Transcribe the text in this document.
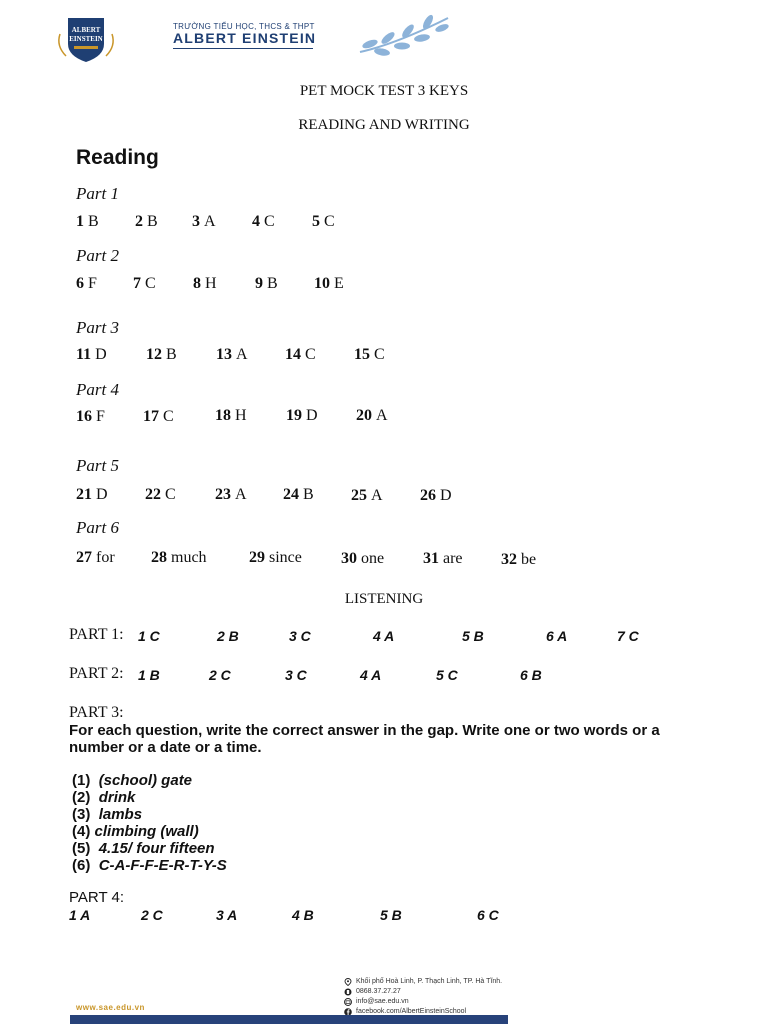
ALBERT
EINSTEIN
TRƯỜNG TIỂU HỌC, THCS & THPT
ALBERT EINSTEIN
PET MOCK TEST 3 KEYS
READING AND WRITING
Reading
Part 1
Part 2
Part 3
Part 4
Part 5
Part 6
1 B 2 B 3 A 4 C 5 C
6 F 7 C 8 H 9 B 10 E
11 D 12 B 13 A 14 C 15 C
16 F 17 C	18 H 19 D 20 A
21 D 22 C 23 A 24 B 25 A 26 D
27 for 28 much	29 since 30 one 31 are 32 be
LISTENING
PART 1: 1 C	2 B	3 C	4 A	5 B	6 A	7 C
PART 2: 1 B	2 C	3 C	4 A	5 C	6 B
PART 3:
For each question, write the correct answer in the gap. Write one or two words or a number or a date or a time.
(1) (school) gate
(2) drink
(3) lambs
(4) climbing (wall)
(5) 4.15/ four fifteen
(6) C-A-F-F-E-R-T-Y-S
PART 4:
1 A	2 C	3 A	4 B	5 B	6 C
www.sae.edu.vn
Khối phố Hoà Linh, P. Thạch Linh, TP. Hà Tĩnh.
0868.37.27.27
info@sae.edu.vn
facebook.com/AlbertEinsteinSchool
